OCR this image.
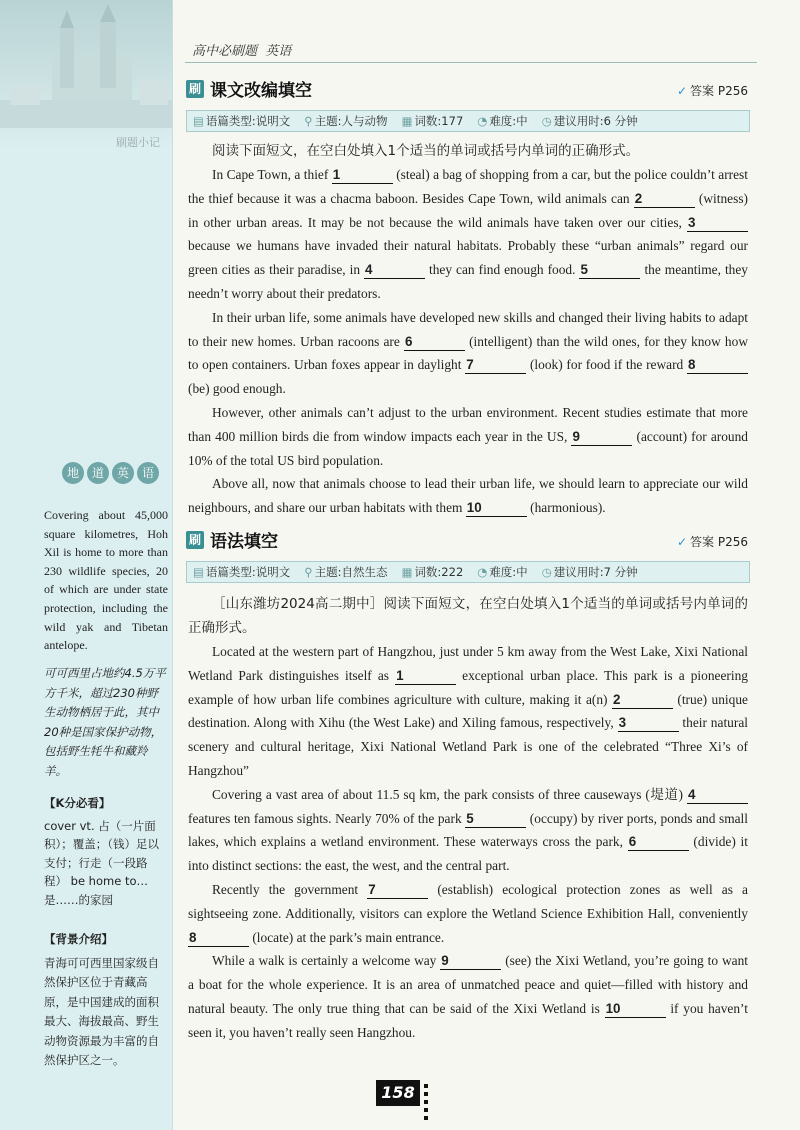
刷题小记
地	道	英	语
Covering about 45,000 square kilometres, Hoh Xil is home to more than 230 wildlife species, 20 of which are under state protection, including the wild yak and Tibetan antelope.
可可西里占地约4.5万平方千米，超过230种野生动物栖居于此，其中20种是国家保护动物，包括野生牦牛和藏羚羊。
【K分必看】
cover vt. 占（一片面积）；覆盖；（钱）足以支付；行走（一段路程） be home to… 是……的家园
【背景介绍】
青海可可西里国家级自然保护区位于青藏高原，是中国建成的面积最大、海拔最高、野生动物资源最为丰富的自然保护区之一。
高中必刷题 英语
刷 课文改编填空	✓ 答案 P256
▤ 语篇类型:说明文 ⚲ 主题:人与动物 ▦ 词数:177 ◔ 难度:中 ◷ 建议用时:6 分钟

阅读下面短文，在空白处填入1个适当的单词或括号内单词的正确形式。

In Cape Town, a thief 1	(steal) a bag of shopping from a car, but the police couldn’t arrest the thief because it was a chacma baboon. Besides Cape Town, wild animals can 2	(witness) in other urban areas. It may be not because the wild animals have taken over our cities, 3 because we humans have invaded their natural habitats. Probably these “urban animals” regard our green cities as their paradise, in 4	they can find enough food. 5	the meantime, they needn’t worry about their predators.

In their urban life, some animals have developed new skills and changed their living habits to adapt to their new homes. Urban racoons are 6	(intelligent) than the wild ones, for they know how to open containers. Urban foxes appear in daylight 7	(look) for food if the reward 8 (be) good enough.

However, other animals can’t adjust to the urban environment. Recent studies estimate that more than 400 million birds die from window impacts each year in the US, 9	(account) for around 10% of the total US bird population.

Above all, now that animals choose to lead their urban life, we should learn to appreciate our wild neighbours, and share our urban habitats with them 10	(harmonious).

刷 语法填空	✓ 答案 P256
▤ 语篇类型:说明文 ⚲ 主题:自然生态 ▦ 词数:222 ◔ 难度:中 ◷ 建议用时:7 分钟

［山东潍坊2024高二期中］阅读下面短文，在空白处填入1个适当的单词或括号内单词的正确形式。

Located at the western part of Hangzhou, just under 5 km away from the West Lake, Xixi National Wetland Park distinguishes itself as 1	exceptional urban place. This park is a pioneering example of how urban life combines agriculture with culture, making it a(n) 2	(true) unique destination. Along with Xihu (the West Lake) and Xiling famous, respectively, 3	their natural scenery and cultural heritage, Xixi National Wetland Park is one of the celebrated “Three Xi’s of Hangzhou”

Covering a vast area of about 11.5 sq km, the park consists of three causeways (堤道) 4 features ten famous sights. Nearly 70% of the park 5	(occupy) by river ports, ponds and small lakes, which explains a wetland environment. These waterways cross the park, 6	(divide) it into distinct sections: the east, the west, and the central part.

Recently the government 7	(establish) ecological protection zones as well as a sightseeing zone. Additionally, visitors can explore the Wetland Science Exhibition Hall, conveniently 8	(locate) at the park’s main entrance.

While a walk is certainly a welcome way 9	(see) the Xixi Wetland, you’re going to want a boat for the whole experience. It is an area of unmatched peace and quiet—filled with history and natural beauty. The only true thing that can be said of the Xixi Wetland is 10	if you haven’t seen it, you haven’t really seen Hangzhou.

158
